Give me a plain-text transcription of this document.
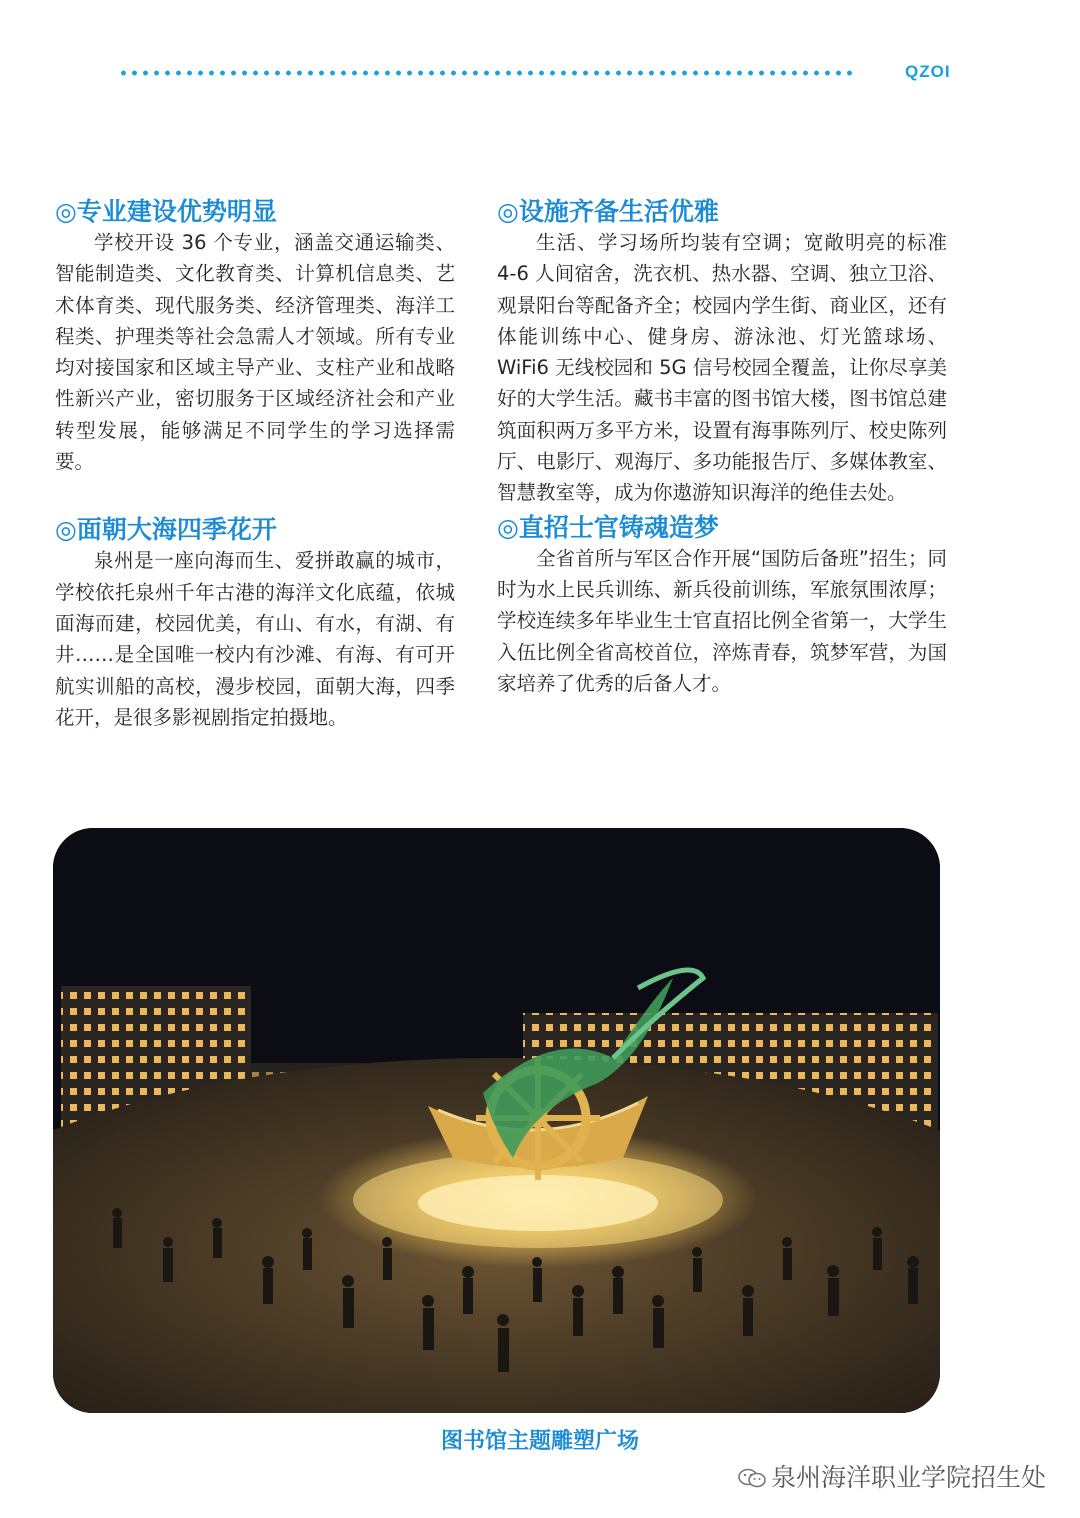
QZOI
◎专业建设优势明显

学校开设 36 个专业，涵盖交通运输类、智能制造类、文化教育类、计算机信息类、艺术体育类、现代服务类、经济管理类、海洋工程类、护理类等社会急需人才领域。所有专业均对接国家和区域主导产业、支柱产业和战略性新兴产业，密切服务于区域经济社会和产业转型发展，能够满足不同学生的学习选择需要。

◎面朝大海四季花开

泉州是一座向海而生、爱拼敢赢的城市，学校依托泉州千年古港的海洋文化底蕴，依城面海而建，校园优美，有山、有水，有湖、有井……是全国唯一校内有沙滩、有海、有可开航实训船的高校，漫步校园，面朝大海，四季花开，是很多影视剧指定拍摄地。

◎设施齐备生活优雅

生活、学习场所均装有空调；宽敞明亮的标准 4-6 人间宿舍，洗衣机、热水器、空调、独立卫浴、观景阳台等配备齐全；校园内学生街、商业区，还有体能训练中心、健身房、游泳池、灯光篮球场、WiFi6 无线校园和 5G 信号校园全覆盖，让你尽享美好的大学生活。藏书丰富的图书馆大楼，图书馆总建筑面积两万多平方米，设置有海事陈列厅、校史陈列厅、电影厅、观海厅、多功能报告厅、多媒体教室、智慧教室等，成为你遨游知识海洋的绝佳去处。

◎直招士官铸魂造梦

全省首所与军区合作开展“国防后备班”招生；同时为水上民兵训练、新兵役前训练，军旅氛围浓厚；学校连续多年毕业生士官直招比例全省第一，大学生入伍比例全省高校首位，淬炼青春，筑梦军营，为国家培养了优秀的后备人才。

图书馆主题雕塑广场
泉州海洋职业学院招生处
